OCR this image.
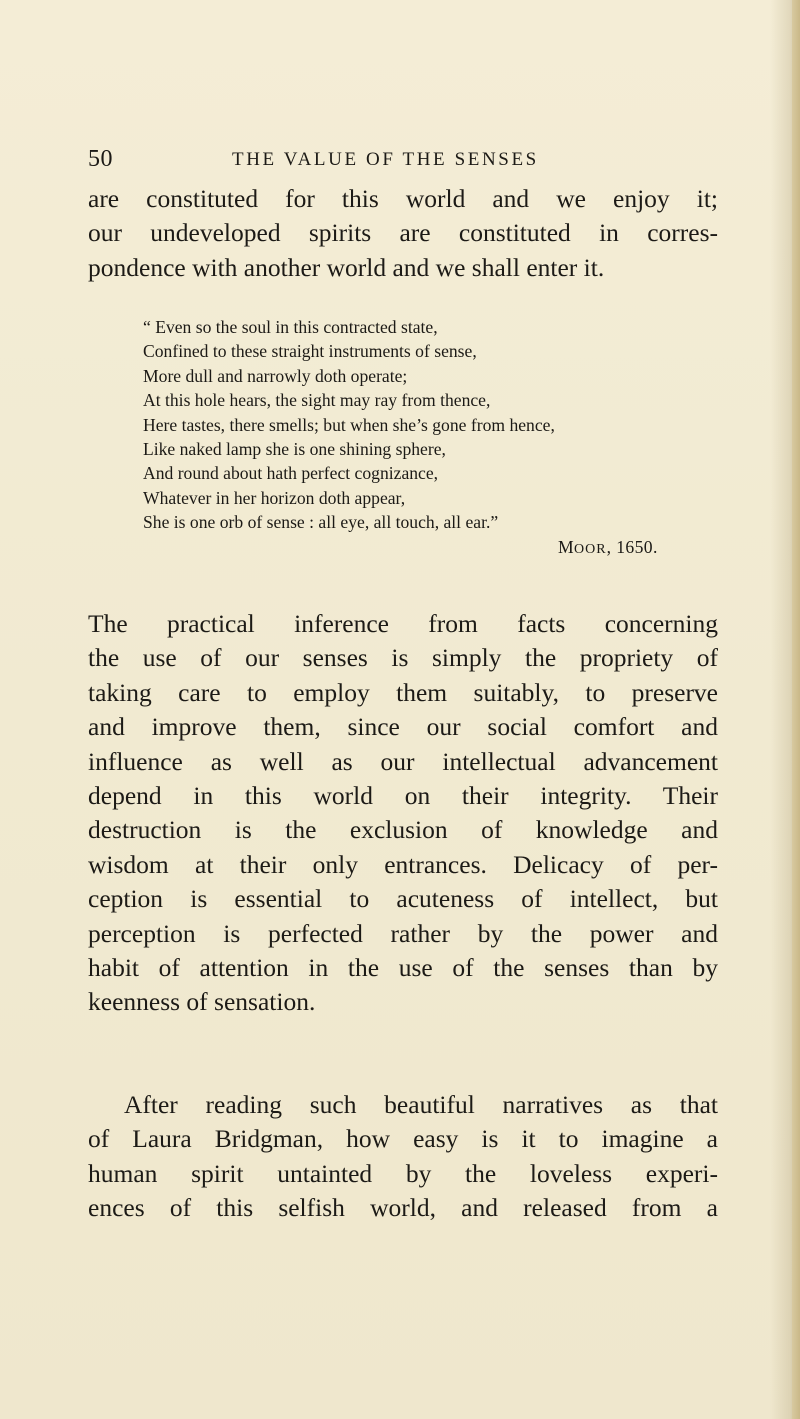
50	THE VALUE OF THE SENSES
are constituted for this world and we enjoy it;
our undeveloped spirits are constituted in corres-
pondence with another world and we shall enter it.
“ Even so the soul in this contracted state,
Confined to these straight instruments of sense,
More dull and narrowly doth operate;
At this hole hears, the sight may ray from thence,
Here tastes, there smells; but when she’s gone from hence,
Like naked lamp she is one shining sphere,
And round about hath perfect cognizance,
Whatever in her horizon doth appear,
She is one orb of sense : all eye, all touch, all ear.”
MOOR, 1650.
The practical inference from facts concerning
the use of our senses is simply the propriety of
taking care to employ them suitably, to preserve
and improve them, since our social comfort and
influence as well as our intellectual advancement
depend in this world on their integrity. Their
destruction is the exclusion of knowledge and
wisdom at their only entrances. Delicacy of per-
ception is essential to acuteness of intellect, but
perception is perfected rather by the power and
habit of attention in the use of the senses than by
keenness of sensation.
After reading such beautiful narratives as that
of Laura Bridgman, how easy is it to imagine a
human spirit untainted by the loveless experi-
ences of this selfish world, and released from a
